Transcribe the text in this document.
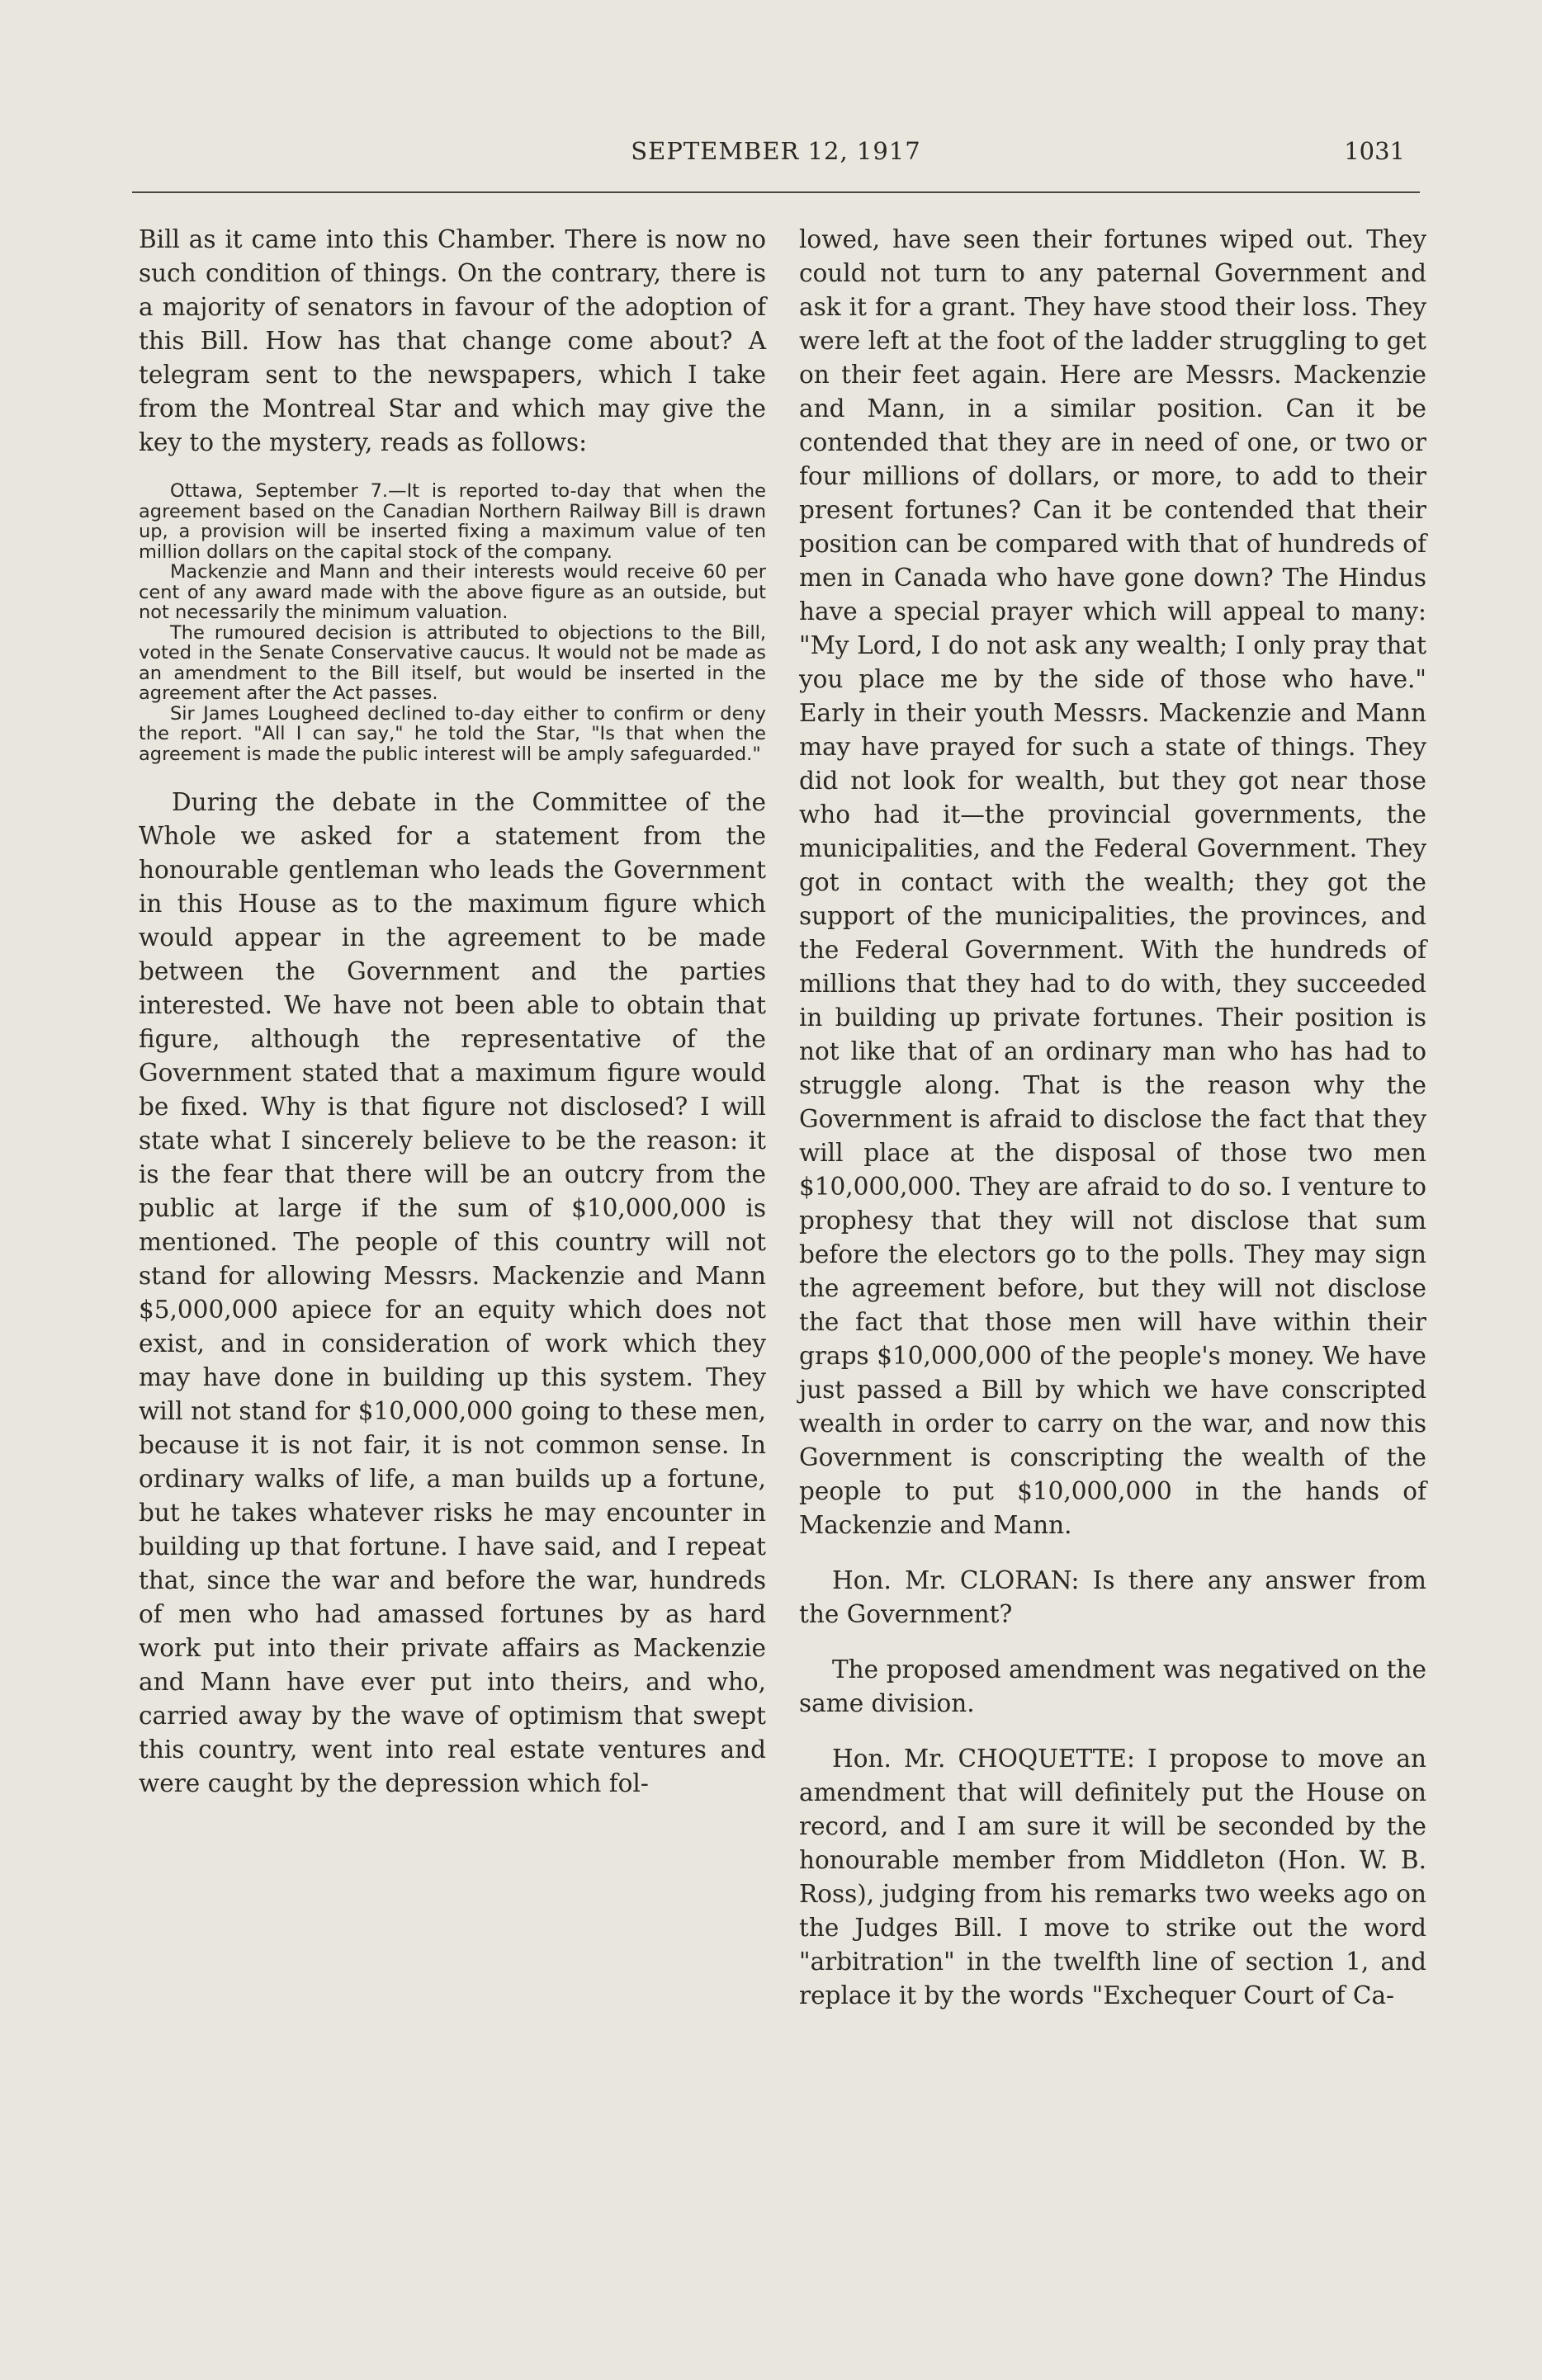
SEPTEMBER 12, 1917	1031

Bill as it came into this Chamber. There is now no such condition of things. On the contrary, there is a majority of senators in favour of the adoption of this Bill. How has that change come about? A telegram sent to the newspapers, which I take from the Montreal Star and which may give the key to the mystery, reads as follows:

Ottawa, September 7.—It is reported to-day that when the agreement based on the Canadian Northern Railway Bill is drawn up, a provision will be inserted fixing a maximum value of ten million dollars on the capital stock of the company.

Mackenzie and Mann and their interests would receive 60 per cent of any award made with the above figure as an outside, but not necessarily the minimum valuation.

The rumoured decision is attributed to objections to the Bill, voted in the Senate Conservative caucus. It would not be made as an amendment to the Bill itself, but would be inserted in the agreement after the Act passes.

Sir James Lougheed declined to-day either to confirm or deny the report. "All I can say," he told the Star, "Is that when the agreement is made the public interest will be amply safeguarded."

During the debate in the Committee of the Whole we asked for a statement from the honourable gentleman who leads the Government in this House as to the maximum figure which would appear in the agreement to be made between the Government and the parties interested. We have not been able to obtain that figure, although the representative of the Government stated that a maximum figure would be fixed. Why is that figure not disclosed? I will state what I sincerely believe to be the reason: it is the fear that there will be an outcry from the public at large if the sum of $10,000,000 is mentioned. The people of this country will not stand for allowing Messrs. Mackenzie and Mann $5,000,000 apiece for an equity which does not exist, and in consideration of work which they may have done in building up this system. They will not stand for $10,000,000 going to these men, because it is not fair, it is not common sense. In ordinary walks of life, a man builds up a fortune, but he takes whatever risks he may encounter in building up that fortune. I have said, and I repeat that, since the war and before the war, hundreds of men who had amassed fortunes by as hard work put into their private affairs as Mackenzie and Mann have ever put into theirs, and who, carried away by the wave of optimism that swept this country, went into real estate ventures and were caught by the depression which fol-

lowed, have seen their fortunes wiped out. They could not turn to any paternal Government and ask it for a grant. They have stood their loss. They were left at the foot of the ladder struggling to get on their feet again. Here are Messrs. Mackenzie and Mann, in a similar position. Can it be contended that they are in need of one, or two or four millions of dollars, or more, to add to their present fortunes? Can it be contended that their position can be compared with that of hundreds of men in Canada who have gone down? The Hindus have a special prayer which will appeal to many: "My Lord, I do not ask any wealth; I only pray that you place me by the side of those who have." Early in their youth Messrs. Mackenzie and Mann may have prayed for such a state of things. They did not look for wealth, but they got near those who had it—the provincial governments, the municipalities, and the Federal Government. They got in contact with the wealth; they got the support of the municipalities, the provinces, and the Federal Government. With the hundreds of millions that they had to do with, they succeeded in building up private fortunes. Their position is not like that of an ordinary man who has had to struggle along. That is the reason why the Government is afraid to disclose the fact that they will place at the disposal of those two men $10,000,000. They are afraid to do so. I venture to prophesy that they will not disclose that sum before the electors go to the polls. They may sign the agreement before, but they will not disclose the fact that those men will have within their graps $10,000,000 of the people's money. We have just passed a Bill by which we have conscripted wealth in order to carry on the war, and now this Government is conscripting the wealth of the people to put $10,000,000 in the hands of Mackenzie and Mann.

Hon. Mr. CLORAN: Is there any answer from the Government?

The proposed amendment was negatived on the same division.

Hon. Mr. CHOQUETTE: I propose to move an amendment that will definitely put the House on record, and I am sure it will be seconded by the honourable member from Middleton (Hon. W. B. Ross), judging from his remarks two weeks ago on the Judges Bill. I move to strike out the word "arbitration" in the twelfth line of section 1, and replace it by the words "Exchequer Court of Ca-
